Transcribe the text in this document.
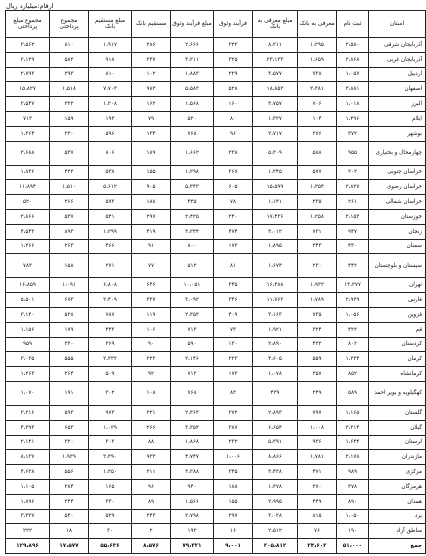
ارقام:میلیارد ریال
استان	ثبت نام	معرفی به بانک	مبلغ معرفی به بانک	فرآیند وثوق	مبلغ فرآیند وثوق	مستقیم بانک	مبلغ مستقیم بانک	مجموع پرداختی	مجموع مبلغ پرداختی
آذربایجان شرقی	۲،۵۸۰	۱،۲۹۵	۸،۲۱۱	۳۲۲	۲،۶۶۶	۲۸۶	۱،۹۱۷	۸۱۰	۳،۵۶۲
آذربایجان غربی	۲،۸۶۸	۱،۶۵۹	۲۳،۱۳۳	۳۲۵	۳،۲۱۱	۲۳۷	۹۱۸	۵۸۲	۲،۱۲۹
اردبیل	۱،۰۵۷	۷۳۸	۳،۵۷۷	۲۲۹	۱،۸۸۳	۱۰۲	۸۱۰	۲۹۳	۲،۷۹۳
اصفهان	۳،۸۸۱	۲،۳۸۱	۱۸،۸۵۳	۵۲۸	۵،۵۸۳	۹۸۳	۷،۷۰۳	۱،۵۱۸	۱۵،۸۲۷
البرز	۱،۰۱۸	۷۰۶	۳،۷۵۷	۱۶۰	۱،۵۶۸	۱۶۲	۱،۲۰۸	۳۲۲	۲،۵۴۷
ایلام	۱،۴۹۶	۱۰۴	۱،۳۲۷	۸۰	۵۲۰	۷۹	۱۹۳	۱۵۹	۷۱۳
بوشهر	۳۷۲	۲۷۶	۲،۷۱۷	۹۶	۷۶۸	۱۳۴	۵۹۶	۲۳۰	۱،۳۶۴
چهارمحال و بختیاری	۹۵۵	۵۸۸	۵،۳۰۹	۳۳۸	۱،۶۶۲	۱۸۹	۸۰۶	۵۳۷	۳،۶۸۸
خراسان جنوبی	۲۰۲	۵۷۷	۱،۲۴۵	۲۶۷	۱،۲۹۸	۱۵۵	۵۳۸	۴۲۲	۱،۸۳۶
خراسان رضوی	۲،۸۲۷	۱،۳۵۴	۱۵،۵۹۹	۶۰۵	۵،۳۴۳	۹۰۵	۵،۶۱۲	۱،۵۱۰	۱۱،۸۹۴
خراسان شمالی	۲۶۱	۲۳۵	۱،۱۴۱	۷۸	۴۴۵	۱۸۸	۵۷۳	۲۶۶	۵۲۰
خوزستان	۲،۱۵۳	۱،۲۵۸	۱۷،۴۳۶	۲۴۰	۲،۴۲۵	۲۹۷	۵۴۱	۵۳۷	۲،۸۶۶
زنجان	۹۴۷	۷۳۱	۳،۰۱۲	۴۷۴	۳،۲۴۴	۴۱۹	۱،۲۹۹	۸۹۳	۴،۵۴۳
سمنان	۴۳۰	۳۴۳	۱،۸۹۵	۱۷۲	۸۰۰	۹۱	۴۶۶	۲۶۳	۱،۲۶۶
سیستان و بلوچستان	۴۴۲	۲۳۰	۱،۶۷۴	۸۱	۵۱۲	۷۷	۲۷۱	۱۵۸	۷۸۳
تهران	۱۳،۲۷۷	۱،۹۳۲	۱۶،۴۸۸	۴۴۵	۱۰،۰۵۱	۶۴۶	۶،۸۰۸	۱،۰۹۱	۱۶،۸۵۹
فارس	۲،۹۲۹	۱،۷۸۹	۱۱،۷۶۲	۳۴۶	۳،۰۹۲	۳۲۷	۲،۴۰۹	۶۷۳	۵،۵۰۱
قزوین	۱،۰۵۶	۷۳۵	۳،۱۶۳	۴۰۹	۲،۳۵۳	۱۱۹	۷۸۷	۵۲۸	۳،۱۴۰
قم	۴۲۲	۳۲۴	۱،۹۲۱	۷۳	۷۱۳	۱۰۶	۴۴۳	۱۷۹	۱،۱۵۶
کردستان	۸۰۲	۴۲۲	۲،۸۹۰	۱۳۰	۵۹۰	۹۰	۳۶۹	۲۲۰	۹۵۹
کرمان	۱،۲۳۴	۵۵۹	۴،۶۰۵	۲۲۳	۲،۱۴۶	۲۲۲	۲،۳۳۲	۵۵۵	۳،۰۳۵
کرمانشاه	۸۵۲	۳۵۷	۱،۰۷۸	۱۷۲	۷۱۲	۹۲	۵۰۹	۲۶۴	۱،۲۶۳
کهگیلویه و بویر احمد	۵۸۹	۲۴۹	۴۳۹	۸۳	۷۶۸	۱۰۸	۳۰۲	۱۹۱	۱،۰۷۰
گلستان	۱،۱۶۵	۷۹۷	۲،۸۹۳	۳۷۲	۲،۳۶۳	۲۲۱	۹۷۳	۵۹۳	۳،۲۱۶
گیلان	۲،۳۱۴	۱،۰۰۸	۶،۶۵۴	۳۸۷	۳،۳۵۴	۲۶۶	۱،۰۳۹	۶۵۳	۴،۳۹۳
لرستان	۱،۶۴۴	۹۳۶	۵،۳۹۱	۲۳۲	۱،۸۶۸	۸۸	۳۰۳	۳۲۰	۲،۱۴۱
مازندران	۲،۱۷۸	۱،۷۸۱	۸،۸۶۶	۱،۰۰۶	۴،۷۴۷	۹۳۳	۳،۳۹۰	۱،۹۳۹	۸،۱۳۷
مرکزی	۹۸۹	۴۷۱	۳،۴۳۸	۳۴۵	۳،۳۸۸	۲۱۱	۱،۲۵۰	۵۵۶	۴،۶۳۸
هرمزگان	۳۷۸	۲۷۰	۱،۳۷۸	۱۸۸	۹۴۰	۹۶	۱۶۵	۲۸۴	۱،۱۰۵
همدان	۸۹۰	۴۴۹	۲،۹۹۵	۱۵۵	۱،۵۶۶	۸۹	۳۳۰	۲۴۴	۱،۸۹۶
یزد	۱،۰۵۰	۸۱۵	۳،۰۲۸	۲۹۷	۲،۷۹۸	۲۴۳	۵۲۹	۵۴۰	۳،۳۲۷
مناطق آزاد	۱۹۰	۷۶	۲،۵۱۲	۱۶	۱۹۲	۲	۳۰	۱۸	۲۲۲
جمع	۵۱،۰۰۰	۲۴،۶۰۲	۲۰۵،۸۱۲	۹،۰۰۱	۷۹،۳۲۱	۸،۵۷۶	۵۵،۶۳۶	۱۷،۵۷۷	۱۲۹،۸۹۶
